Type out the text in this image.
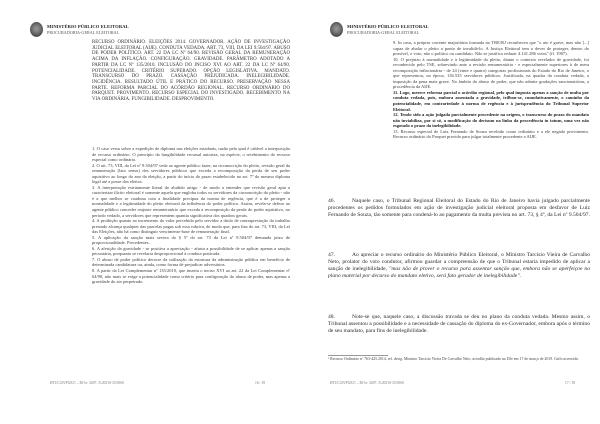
MINISTÉRIO PÚBLICO ELEITORAL
PROCURADORIA-GERAL ELEITORAL
RECURSO ORDINÁRIO. ELEIÇÕES 2014. GOVERNADOR. AÇÃO DE INVESTIGAÇÃO JUDICIAL ELEITORAL (AIJE). CONDUTA VEDADA. ART. 73, VIII, DA LEI 9.504/97. ABUSO DE PODER POLÍTICO. ART. 22 DA LC Nº 64/90. REVISÃO GERAL DA REMUNERAÇÃO ACIMA DA INFLAÇÃO. CONFIGURAÇÃO. GRAVIDADE. PARÂMETRO ADOTADO A PARTIR DA LC Nº 135/2010. INCLUSÃO DO INCISO XVI AO ART. 22 DA LC Nº 64/90. POTENCIALIDADE. CRITÉRIO SUPERADO. OPÇÃO LEGISLATIVA. MANDATO. TRANSCURSO DO PRAZO. CASSAÇÃO PREJUDICADA. INELEGIBILIDADE. INCIDÊNCIA. RESULTADO ÚTIL E PRÁTICO DO RECURSO. PRESERVAÇÃO NESSA PARTE. REFORMA PARCIAL DO ACÓRDÃO REGIONAL. RECURSO ORDINÁRIO DO PARQUET. PROVIMENTO. RECURSO ESPECIAL DO INVESTIGADO. RECEBIMENTO NA VIA ORDINÁRIA. FUNGIBILIDADE. DESPROVIMENTO.

1. O caso versa sobre a expedição de diploma nas eleições estaduais, razão pela qual é cabível a interposição de recurso ordinário. O princípio da fungibilidade recursal autoriza, na espécie, o recebimento do recurso especial como ordinário.

2. O art. 73, VIII, da Lei nº 9.504/97 veda ao agente público fazer, na circunscrição do pleito, revisão geral da remuneração (lato sensu) dos servidores públicos que exceda a recomposição da perda de seu poder aquisitivo ao longo do ano da eleição, a partir do início do prazo estabelecido no art. 7º do mesmo diploma legal até a posse dos eleitos.

3. A interpretação estritamente literal do aludido artigo - de modo a entender que revisão geral apta a caracterizar ilícito eleitoral é somente aquela que engloba todos os servidores da circunscrição do pleito - não é a que melhor se coaduna com a finalidade precípua da norma de regência, que é a de proteger a normalidade e a legitimidade do pleito eleitoral da influência do poder político. Assim, revela-se defeso ao agente público conceder reajuste remuneratório que exceda a recomposição da perda do poder aquisitivo, no período vedado, a servidores que representem quantia significativa dos quadros gerais.

4. A proibição quanto ao incremento do valor percebido pelo servidor a título de contraprestação do trabalho prestado alcança qualquer das parcelas pagas sob essa rubrica, de modo que, para fins do art. 73, VIII, da Lei das Eleições, não há como distinguir vencimento-base de remuneração final.

5. A aplicação da sanção mais severa do § 5º do art. 73 da Lei nº 9.504/97 demanda juízo de proporcionalidade. Precedentes.

6. A aferição da gravidade - se positiva a apreciação - afasta a possibilidade de se aplicar apenas a sanção pecuniária, porquanto se revelaria desproporcional à conduta praticada.

7. O abuso de poder político decorre da utilização da estrutura da administração pública em benefício de determinada candidatura ou, ainda, como forma de prejudicar adversários.

8. A partir da Lei Complementar nº 135/2010, que inseriu o inciso XVI ao art. 22 da Lei Complementar nº 64/90, não mais se exige a potencialidade como critério para configuração do abuso de poder, mas apenas a gravidade do ato perpetrado.

HTJ/CGN/PGE/C – RO nº 2607, 5120310-35.0000	16 / 18
MINISTÉRIO PÚBLICO ELEITORAL
PROCURADORIA-GERAL ELEITORAL

9. In casu, a própria corrente majoritária formada no TRE/RJ reconheceu que "o ato é grave, mas não [...] capaz de abalar o pleito a ponto de invalidá-lo. A Justiça Eleitoral tem o dever de proteger, dentro do possível, o voto, não o político ou candidato. Não se justifica reduzir 4.141.286 votos" (fl. 1987).

10. O prejuízo à normalidade e à legitimidade do pleito, diante o contexto revelador de gravidade, foi reconhecido pelo TSE, sobrevindo ante a revisão remuneratória - e especialmente superiores à de mera recomposição inflacionária - de 24 (vinte e quatro) categorias profissionais do Estado do Rio de Janeiro, o que representou, na época, 136.535 servidores públicos. Justificada, na quadra da conduta vedada, a imposição da pena mais grave. No âmbito do abuso de poder, que não admite gradações sancionatórias, a procedência da AIJE.

11. Logo, merece reforma parcial o acórdão regional, pelo qual imposta apenas a sanção de multa por conduta vedada, pois, embora assentada a gravidade, trilhou-se, cumulativamente, o caminho da potencialidade, em contrariedade à norma de regência e à jurisprudência do Tribunal Superior Eleitoral.

12. Tendo sido a ação julgada parcialmente procedente na origem, o transcurso do prazo do mandato não inviabiliza, por si só, a modificação do decisum na linha da procedência in totum, uma vez não esgotado o prazo da inelegibilidade.

13. Recurso especial de Luiz Fernando de Souza recebido como ordinário e a ele negado provimento. Recurso ordinário do Parquet provido para julgar totalmente procedente a AIJE.

46.	Naquele caso, o Tribunal Regional Eleitoral do Estado do Rio de Janeiro havia julgado parcialmente procedentes os pedidos formulados em ação de investigação judicial eleitoral proposta em desfavor de Luiz Fernando de Souza, tão somente para condená-lo ao pagamento da multa prevista no art. 73, § 4º, da Lei nº 9.504/97.
47.	Ao apreciar o recurso ordinário do Ministério Público Eleitoral, o Ministro Tarcisio Vieira de Carvalho Neto, prolator do voto condutor, afirmou guardar a compreensão de que o Tribunal estaria impedido de aplicar a sanção de inelegibilidade, "mas não de prover o recurso para assentar sanção que, embora não se aperfeiçoe no plano material por decurso do mandato eletivo, será fato gerador de inelegibilidade".
48.	Note-se que, naquele caso, a discussão travada se deu no plano da conduta vedada. Mesmo assim, o Tribunal assentou a possibilidade e a necessidade de cassação do diploma do ex-Governador, embora após o término de seu mandato, para fins de inelegibilidade.
¹ Recurso Ordinário nº 763-425.2014, rel. desig. Ministro Tarcisio Vieira De Carvalho Neto, acórdão publicado no DJe em 17 de março de 2019. Grifo acrescido.
HTJ/CGN/PGE/C – RO nº 2607, 5120310-35.0000	17 / 18
